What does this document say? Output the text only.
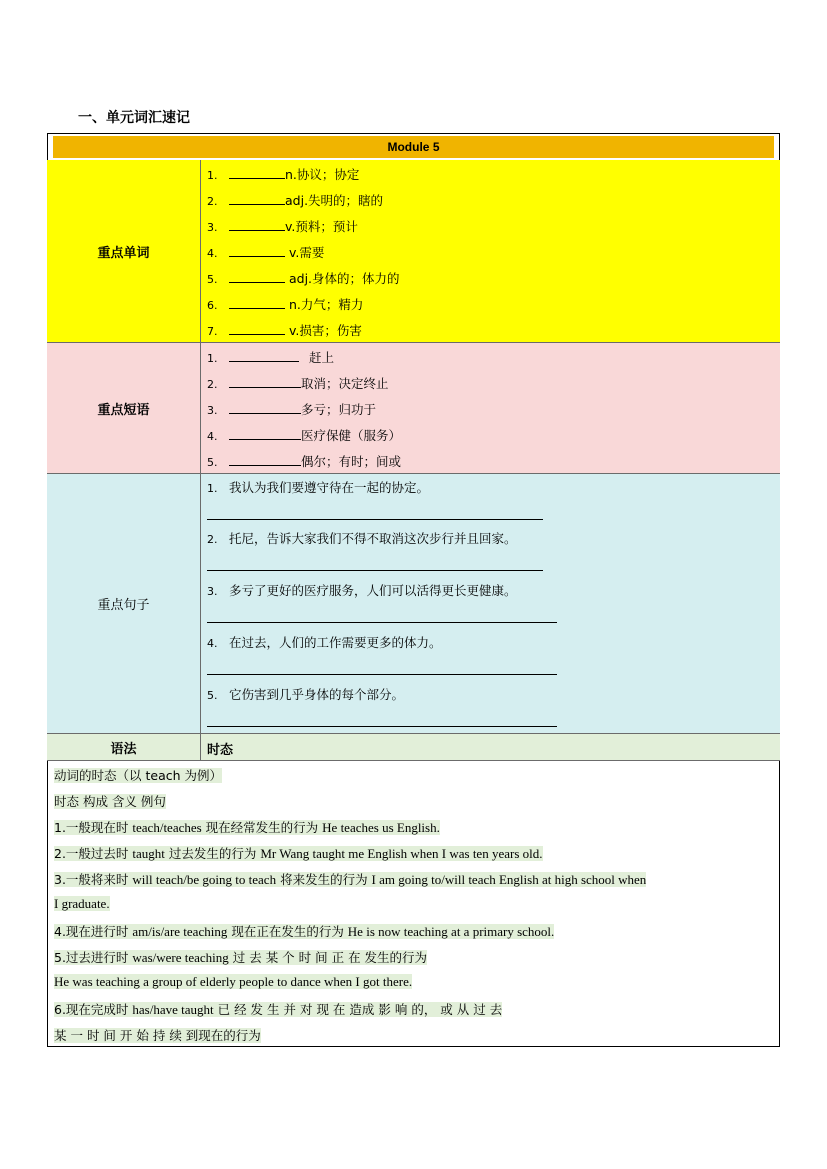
一、单元词汇速记
Module 5
重点单词
1.	n.协议；协定
2.	adj.失明的；瞎的
3.	v.预料；预计
4.	v.需要
5.	adj.身体的；体力的
6.	n.力气；精力
7.	v.损害；伤害
重点短语
1.	赶上
2.	取消；决定终止
3.	多亏；归功于
4.	医疗保健（服务）
5.	偶尔；有时；间或
重点句子
1. 我认为我们要遵守待在一起的协定。
2. 托尼，告诉大家我们不得不取消这次步行并且回家。
3. 多亏了更好的医疗服务，人们可以活得更长更健康。
4. 在过去，人们的工作需要更多的体力。
5. 它伤害到几乎身体的每个部分。
语法	时态
动词的时态（以 teach 为例）
时态 构成 含义 例句
1.一般现在时 teach/teaches 现在经常发生的行为 He teaches us English.
2.一般过去时 taught 过去发生的行为 Mr Wang taught me English when I was ten years old.
3.一般将来时 will teach/be going to teach 将来发生的行为 I am going to/will teach English at high school when
I graduate.
4.现在进行时 am/is/are teaching 现在正在发生的行为 He is now teaching at a primary school.
5.过去进行时 was/were teaching 过 去 某 个 时 间 正 在 发生的行为
He was teaching a group of elderly people to dance when I got there.
6.现在完成时 has/have taught 已 经 发 生 并 对 现 在 造成 影 响 的， 或 从 过 去
某 一 时 间 开 始 持 续 到现在的行为
